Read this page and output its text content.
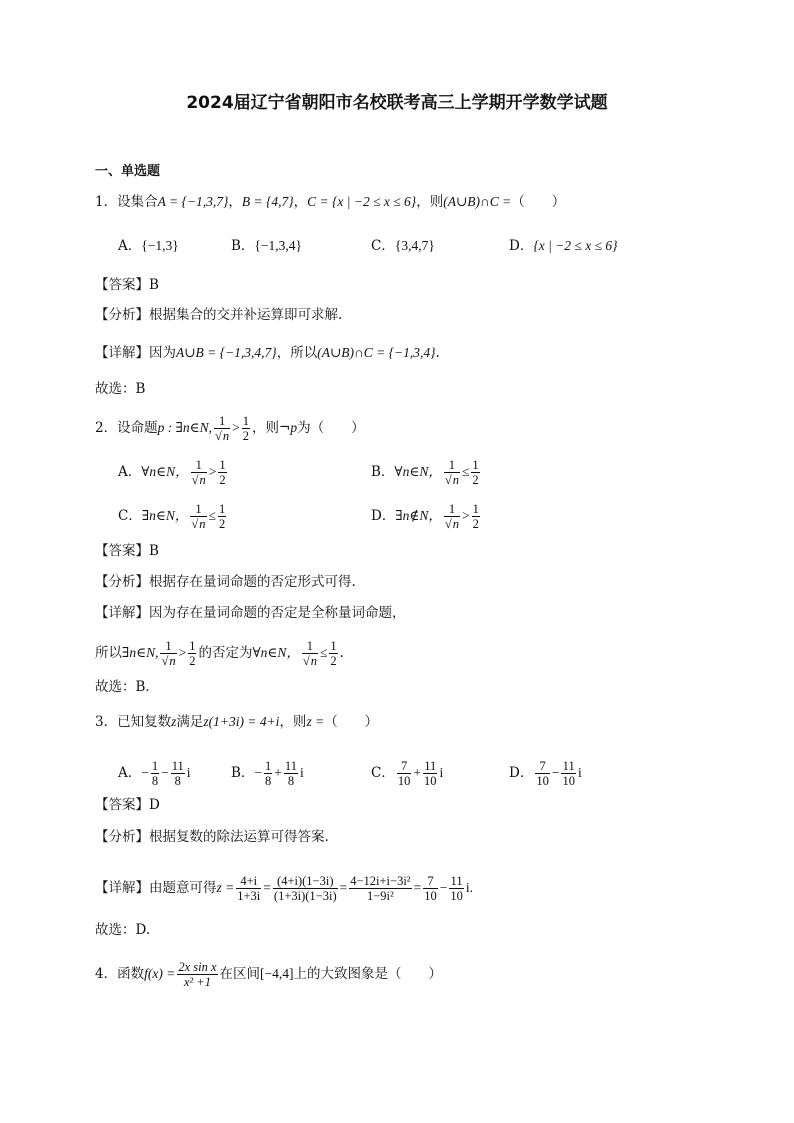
2024届辽宁省朝阳市名校联考高三上学期开学数学试题
一、单选题
1．设集合A = {−1,3,7}，B = {4,7}，C = {x | −2 ≤ x ≤ 6}，则(A∪B)∩C =（　　）
A．{−1,3}	B．{−1,3,4}	C．{3,4,7}	D．{x | −2 ≤ x ≤ 6}
【答案】B
【分析】根据集合的交并补运算即可求解.
【详解】因为A∪B = {−1,3,4,7}，所以(A∪B)∩C = {−1,3,4}.
故选：B
2．设命题p : ∃n∈N, $\frac{1}{√n} > \frac{1}{2}$ ，则¬p为（　　）
A．∀n∈N， $\frac{1}{√n} > \frac{1}{2}$	B．∀n∈N， $\frac{1}{√n} \le \frac{1}{2}$
C．∃n∈N， $\frac{1}{√n} \le \frac{1}{2}$	D．∃n∉N， $\frac{1}{√n} > \frac{1}{2}$
【答案】B
【分析】根据存在量词命题的否定形式可得.
【详解】因为存在量词命题的否定是全称量词命题，
所以∃n∈N, $\frac{1}{√n} > \frac{1}{2}$ 的否定为∀n∈N， $\frac{1}{√n} \le \frac{1}{2}$ .
故选：B．
3．已知复数z满足z(1+3i) = 4+i，则z =（　　）
A．− $\frac{1}{8} - \frac{11}{8}$ i	B．− $\frac{1}{8} + \frac{11}{8}$ i	C． $\frac{7}{10} + \frac{11}{10}$ i	D． $\frac{7}{10} - \frac{11}{10}$ i
【答案】D
【分析】根据复数的除法运算可得答案.
【详解】由题意可得$z = \frac{4+i}{1+3i} = \frac{(4+i)(1-3i)}{(1+3i)(1-3i)} = \frac{\text{4−12i+i−3i²}}{\text{1−9i²}} = \frac{7}{10} - \frac{11}{10} i$.
故选：D.
4．函数$f(x) = \frac{\text{2x sin x}}{\text{x² +1}}$ 在区间[−4,4]上的大致图象是（　　）
